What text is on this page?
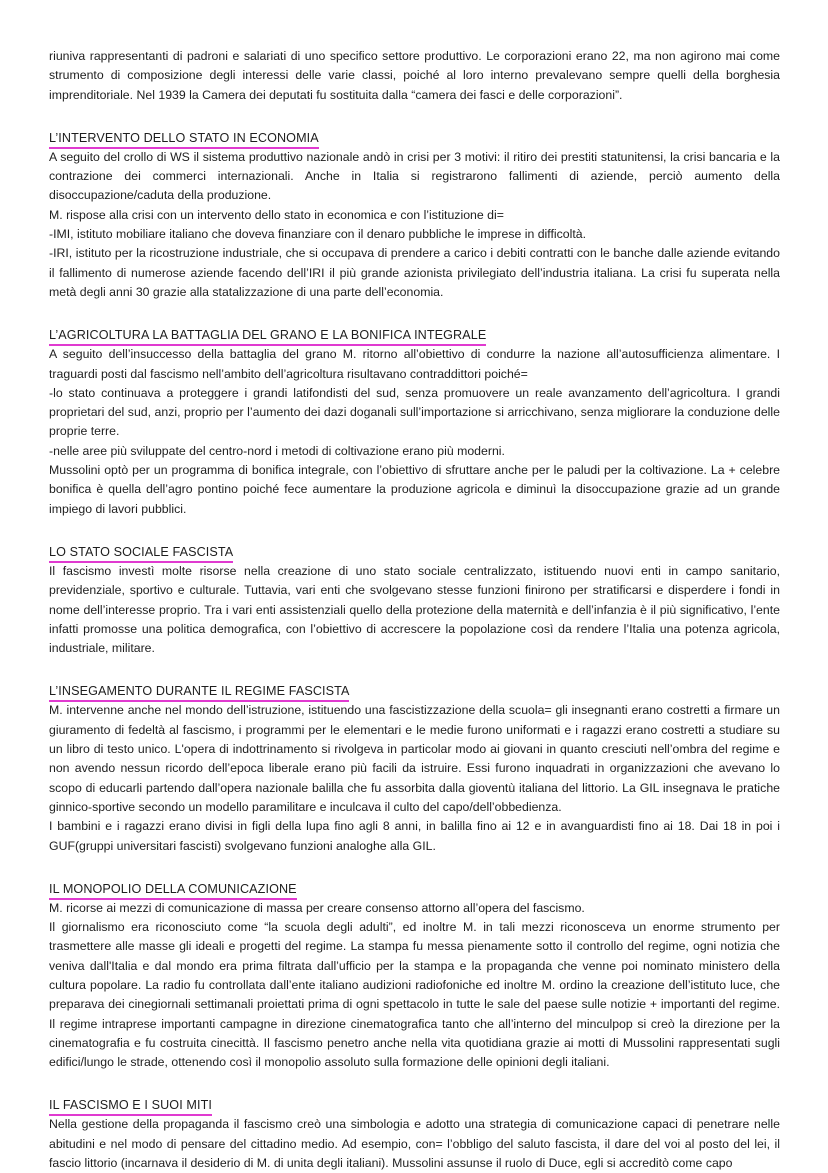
riuniva rappresentanti di padroni e salariati di uno specifico settore produttivo. Le corporazioni erano 22, ma non agirono mai come strumento di composizione degli interessi delle varie classi, poiché al loro interno prevalevano sempre quelli della borghesia imprenditoriale. Nel 1939 la Camera dei deputati fu sostituita dalla “camera dei fasci e delle corporazioni”.

L’INTERVENTO DELLO STATO IN ECONOMIA

A seguito del crollo di WS il sistema produttivo nazionale andò in crisi per 3 motivi: il ritiro dei prestiti statunitensi, la crisi bancaria e la contrazione dei commerci internazionali. Anche in Italia si registrarono fallimenti di aziende, perciò aumento della disoccupazione/caduta della produzione.

M. rispose alla crisi con un intervento dello stato in economica e con l’istituzione di=

-IMI, istituto mobiliare italiano che doveva finanziare con il denaro pubbliche le imprese in difficoltà.

-IRI, istituto per la ricostruzione industriale, che si occupava di prendere a carico i debiti contratti con le banche dalle aziende evitando il fallimento di numerose aziende facendo dell’IRI il più grande azionista privilegiato dell’industria italiana. La crisi fu superata nella metà degli anni 30 grazie alla statalizzazione di una parte dell’economia.

L’AGRICOLTURA LA BATTAGLIA DEL GRANO E LA BONIFICA INTEGRALE

A seguito dell’insuccesso della battaglia del grano M. ritorno all’obiettivo di condurre la nazione all’autosufficienza alimentare. I traguardi posti dal fascismo nell’ambito dell’agricoltura risultavano contraddittori poiché=

-lo stato continuava a proteggere i grandi latifondisti del sud, senza promuovere un reale avanzamento dell’agricoltura. I grandi proprietari del sud, anzi, proprio per l’aumento dei dazi doganali sull’importazione si arricchivano, senza migliorare la conduzione delle proprie terre.

-nelle aree più sviluppate del centro-nord i metodi di coltivazione erano più moderni.

Mussolini optò per un programma di bonifica integrale, con l’obiettivo di sfruttare anche per le paludi per la coltivazione. La + celebre bonifica è quella dell’agro pontino poiché fece aumentare la produzione agricola e diminuì la disoccupazione grazie ad un grande impiego di lavori pubblici.

LO STATO SOCIALE FASCISTA

Il fascismo investì molte risorse nella creazione di uno stato sociale centralizzato, istituendo nuovi enti in campo sanitario, previdenziale, sportivo e culturale. Tuttavia, vari enti che svolgevano stesse funzioni finirono per stratificarsi e disperdere i fondi in nome dell’interesse proprio. Tra i vari enti assistenziali quello della protezione della maternità e dell’infanzia è il più significativo, l’ente infatti promosse una politica demografica, con l’obiettivo di accrescere la popolazione così da rendere l’Italia una potenza agricola, industriale, militare.

L’INSEGAMENTO DURANTE IL REGIME FASCISTA

M. intervenne anche nel mondo dell’istruzione, istituendo una fascistizzazione della scuola= gli insegnanti erano costretti a firmare un giuramento di fedeltà al fascismo, i programmi per le elementari e le medie furono uniformati e i ragazzi erano costretti a studiare su un libro di testo unico. L'opera di indottrinamento si rivolgeva in particolar modo ai giovani in quanto cresciuti nell’ombra del regime e non avendo nessun ricordo dell’epoca liberale erano più facili da istruire. Essi furono inquadrati in organizzazioni che avevano lo scopo di educarli partendo dall’opera nazionale balilla che fu assorbita dalla gioventù italiana del littorio. La GIL insegnava le pratiche ginnico-sportive secondo un modello paramilitare e inculcava il culto del capo/dell’obbedienza.

I bambini e i ragazzi erano divisi in figli della lupa fino agli 8 anni, in balilla fino ai 12 e in avanguardisti fino ai 18. Dai 18 in poi i GUF(gruppi universitari fascisti) svolgevano funzioni analoghe alla GIL.

IL MONOPOLIO DELLA COMUNICAZIONE

M. ricorse ai mezzi di comunicazione di massa per creare consenso attorno all’opera del fascismo.

Il giornalismo era riconosciuto come “la scuola degli adulti”, ed inoltre M. in tali mezzi riconosceva un enorme strumento per trasmettere alle masse gli ideali e progetti del regime. La stampa fu messa pienamente sotto il controllo del regime, ogni notizia che veniva dall'Italia e dal mondo era prima filtrata dall’ufficio per la stampa e la propaganda che venne poi nominato ministero della cultura popolare. La radio fu controllata dall’ente italiano audizioni radiofoniche ed inoltre M. ordino la creazione dell’istituto luce, che preparava dei cinegiornali settimanali proiettati prima di ogni spettacolo in tutte le sale del paese sulle notizie + importanti del regime. Il regime intraprese importanti campagne in direzione cinematografica tanto che all’interno del minculpop si creò la direzione per la cinematografia e fu costruita cinecittà. Il fascismo penetro anche nella vita quotidiana grazie ai motti di Mussolini rappresentati sugli edifici/lungo le strade, ottenendo così il monopolio assoluto sulla formazione delle opinioni degli italiani.

IL FASCISMO E I SUOI MITI

Nella gestione della propaganda il fascismo creò una simbologia e adotto una strategia di comunicazione capaci di penetrare nelle abitudini e nel modo di pensare del cittadino medio. Ad esempio, con= l’obbligo del saluto fascista, il dare del voi al posto del lei, il fascio littorio (incarnava il desiderio di M. di unita degli italiani). Mussolini assunse il ruolo di Duce, egli si accreditò come capo
